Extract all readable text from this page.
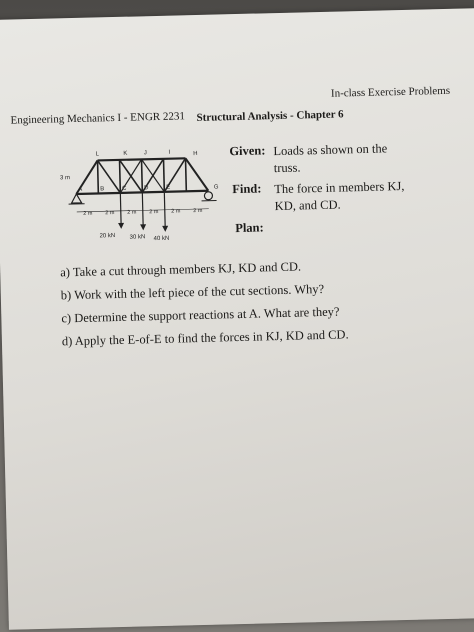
Engineering Mechanics I - ENGR 2231
In-class Exercise Problems
Structural Analysis - Chapter 6
L	K	J	I	H
A	B	C	D	E	G
3 m
2 m 2 m 2 m 2 m 2 m 2 m
20 kN 30 kN 40 kN
Given: Loads as shown on the truss.
Find: The force in members KJ, KD, and CD.
Plan:
a) Take a cut through members KJ, KD and CD.
b) Work with the left piece of the cut sections. Why?
c) Determine the support reactions at A. What are they?
d) Apply the E-of-E to find the forces in KJ, KD and CD.
